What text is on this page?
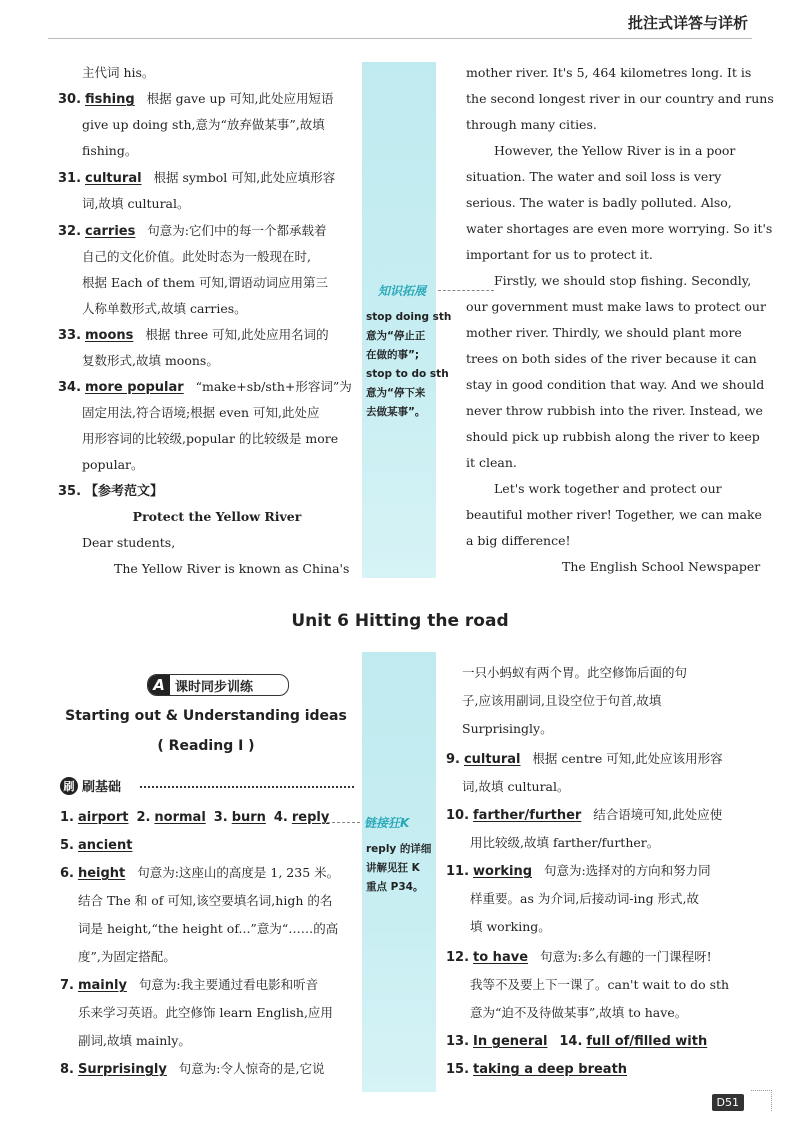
批注式详答与详析
主代词 his。
30. fishing 根据 gave up 可知,此处应用短语
give up doing sth,意为“放弃做某事”,故填
fishing。
31. cultural 根据 symbol 可知,此处应填形容
词,故填 cultural。
32. carries 句意为:它们中的每一个都承载着
自己的文化价值。此处时态为一般现在时,
根据 Each of them 可知,谓语动词应用第三
人称单数形式,故填 carries。
33. moons 根据 three 可知,此处应用名词的
复数形式,故填 moons。
34. more popular “make+sb/sth+形容词”为
固定用法,符合语境;根据 even 可知,此处应
用形容词的比较级,popular 的比较级是 more
popular。
35. 【参考范文】
Protect the Yellow River
Dear students,
The Yellow River is known as China's
知识拓展
stop doing sth
意为“停止正
在做的事”;
stop to do sth
意为“停下来
去做某事”。
mother river. It's 5, 464 kilometres long. It is
the second longest river in our country and runs
through many cities.
However, the Yellow River is in a poor
situation. The water and soil loss is very
serious. The water is badly polluted. Also,
water shortages are even more worrying. So it's
important for us to protect it.
Firstly, we should stop fishing. Secondly,
our government must make laws to protect our
mother river. Thirdly, we should plant more
trees on both sides of the river because it can
stay in good condition that way. And we should
never throw rubbish into the river. Instead, we
should pick up rubbish along the river to keep
it clean.
Let's work together and protect our
beautiful mother river! Together, we can make
a big difference!
The English School Newspaper
Unit 6 Hitting the road
A 课时同步训练
Starting out & Understanding ideas
( Reading Ⅰ )
刷 刷基础
1. airport 2. normal 3. burn 4. reply
5. ancient
6. height 句意为:这座山的高度是 1, 235 米。
结合 The 和 of 可知,该空要填名词,high 的名
词是 height,“the height of...”意为“……的高
度”,为固定搭配。
7. mainly 句意为:我主要通过看电影和听音
乐来学习英语。此空修饰 learn English,应用
副词,故填 mainly。
8. Surprisingly 句意为:令人惊奇的是,它说
链接狂K
reply 的详细
讲解见狂 K
重点 P34。
一只小蚂蚁有两个胃。此空修饰后面的句
子,应该用副词,且设空位于句首,故填
Surprisingly。
9. cultural 根据 centre 可知,此处应该用形容
词,故填 cultural。
10. farther/further 结合语境可知,此处应使
用比较级,故填 farther/further。
11. working 句意为:选择对的方向和努力同
样重要。as 为介词,后接动词-ing 形式,故
填 working。
12. to have 句意为:多么有趣的一门课程呀!
我等不及要上下一课了。can't wait to do sth
意为“迫不及待做某事”,故填 to have。
13. In general 14. full of/filled with
15. taking a deep breath
D51
